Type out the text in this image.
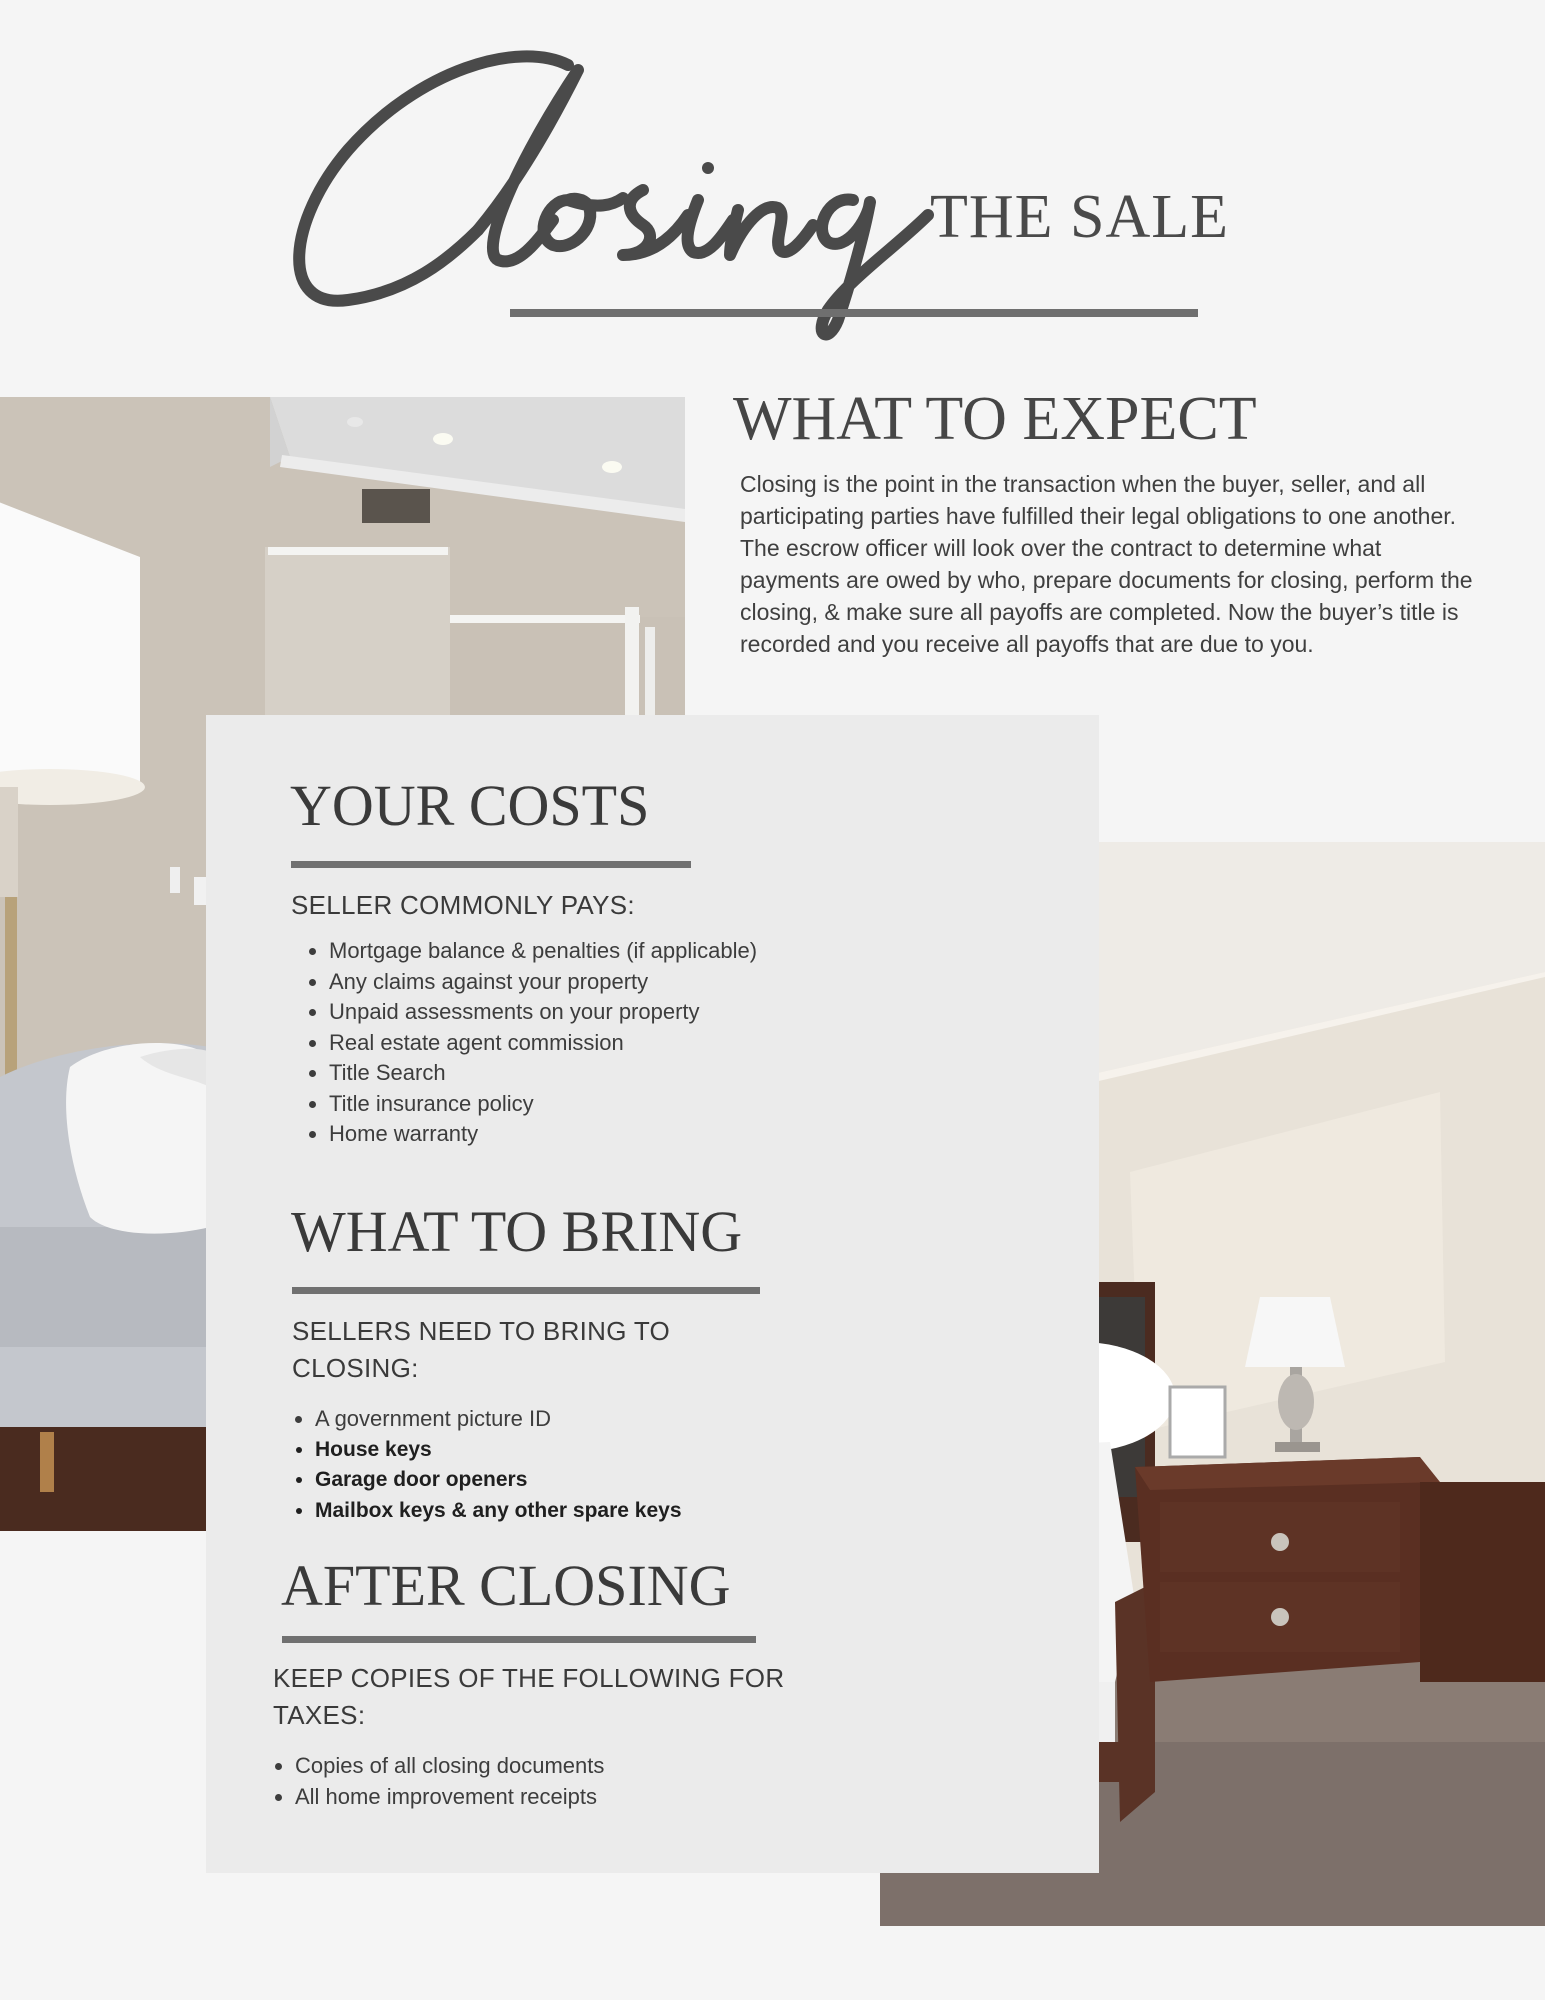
THE SALE
WHAT TO EXPECT

Closing is the point in the transaction when the buyer, seller, and all participating parties have fulfilled their legal obligations to one another. The escrow officer will look over the contract to determine what payments are owed by who, prepare documents for closing, perform the closing, & make sure all payoffs are completed. Now the buyer’s title is recorded and you receive all payoffs that are due to you.

YOUR COSTS

SELLER COMMONLY PAYS:

• Mortgage balance & penalties (if applicable)
• Any claims against your property
• Unpaid assessments on your property
• Real estate agent commission
• Title Search
• Title insurance policy
• Home warranty
WHAT TO BRING

SELLERS NEED TO BRING TO CLOSING:

• A government picture ID
• House keys
• Garage door openers
• Mailbox keys & any other spare keys
AFTER CLOSING

KEEP COPIES OF THE FOLLOWING FOR TAXES:

• Copies of all closing documents
• All home improvement receipts
